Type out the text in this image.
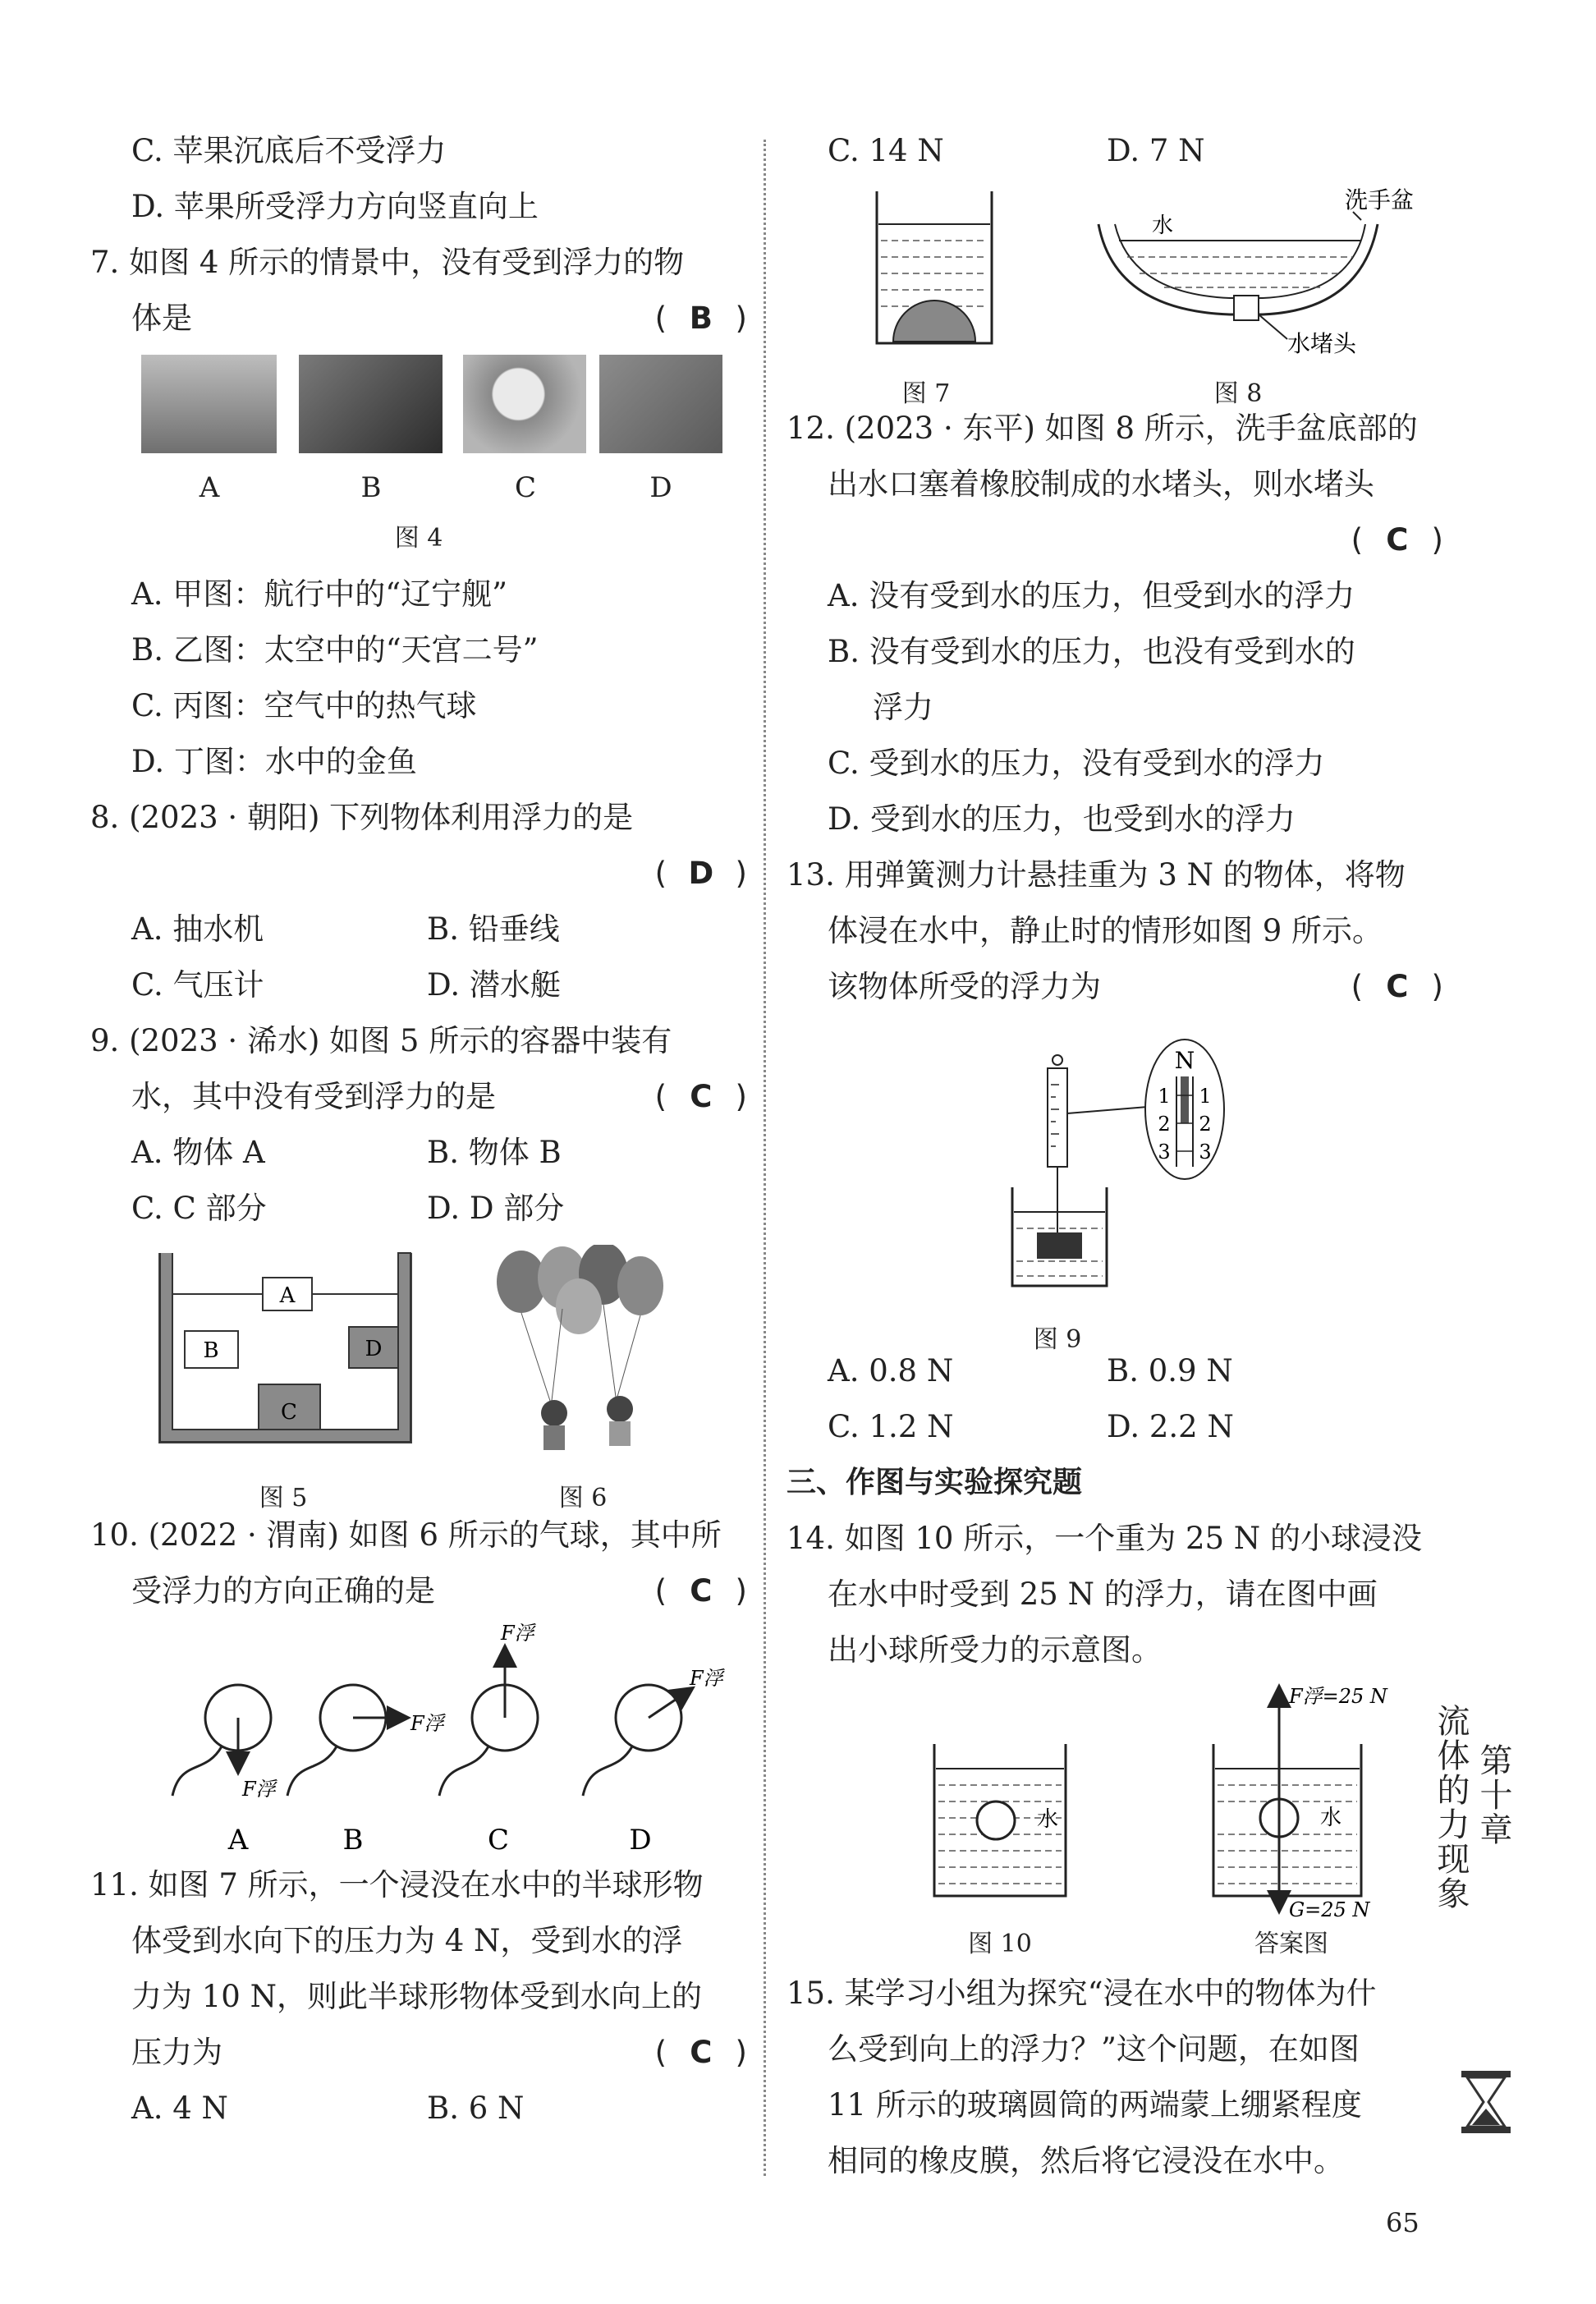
C. 苹果沉底后不受浮力
D. 苹果所受浮力方向竖直向上
7. 如图 4 所示的情景中，没有受到浮力的物
体是	( B )
A	B	C	D
图 4
A. 甲图：航行中的“辽宁舰”
B. 乙图：太空中的“天宫二号”
C. 丙图：空气中的热气球
D. 丁图：水中的金鱼
8. (2023 · 朝阳) 下列物体利用浮力的是
( D )
A. 抽水机	B. 铅垂线
C. 气压计	D. 潜水艇
9. (2023 · 浠水) 如图 5 所示的容器中装有
水，其中没有受到浮力的是	( C )
A. 物体 A	B. 物体 B
C. C 部分	D. D 部分
A
B	D
C
图 5	图 6
10. (2022 · 渭南) 如图 6 所示的气球，其中所
受浮力的方向正确的是	( C )
F浮
F浮
F浮
F浮
A	B	C	D
11. 如图 7 所示，一个浸没在水中的半球形物
体受到水向下的压力为 4 N，受到水的浮
力为 10 N，则此半球形物体受到水向上的
压力为	( C )
A. 4 N	B. 6 N
C. 14 N	D. 7 N
洗手盆
水
水堵头
图 7	图 8
12. (2023 · 东平) 如图 8 所示，洗手盆底部的
出水口塞着橡胶制成的水堵头，则水堵头
( C )
A. 没有受到水的压力，但受到水的浮力
B. 没有受到水的压力，也没有受到水的
浮力
C. 受到水的压力，没有受到水的浮力
D. 受到水的压力，也受到水的浮力
13. 用弹簧测力计悬挂重为 3 N 的物体，将物
体浸在水中，静止时的情形如图 9 所示。
该物体所受的浮力为	( C )
N
1
2
3
1
2
3
图 9
A. 0.8 N	B. 0.9 N
C. 1.2 N	D. 2.2 N
三、作图与实验探究题
14. 如图 10 所示，一个重为 25 N 的小球浸没
在水中时受到 25 N 的浮力，请在图中画
出小球所受力的示意图。
水
F浮=25 N
G=25 N
水
图 10	答案图
15. 某学习小组为探究“浸在水中的物体为什
么受到向上的浮力？”这个问题，在如图
11 所示的玻璃圆筒的两端蒙上绷紧程度
相同的橡皮膜，然后将它浸没在水中。
第十章
流体的力现象
65
